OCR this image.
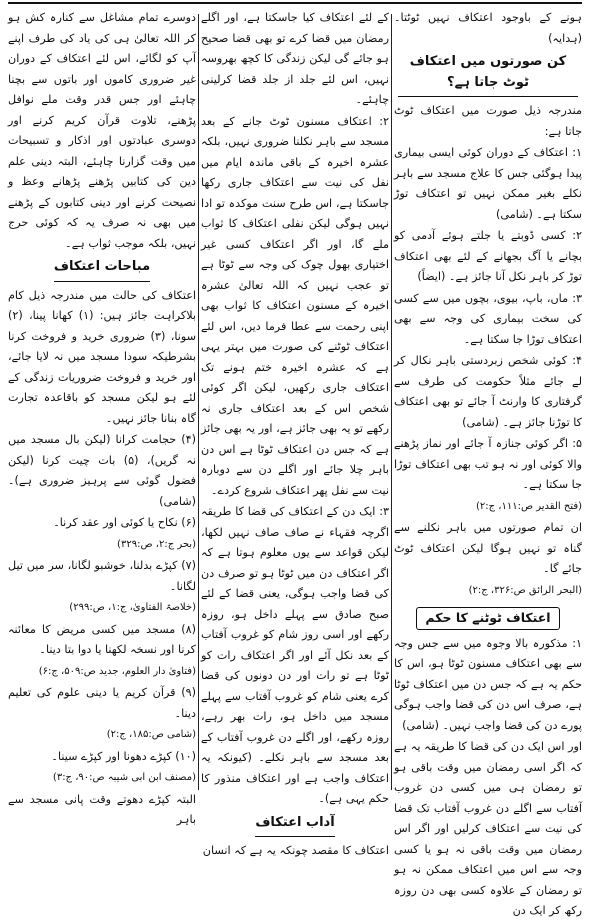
ہونے کے باوجود اعتکاف نہیں ٹوٹتا۔ (ہدایہ)

کن صورتوں میں اعتکاف ٹوٹ جاتا ہے؟

مندرجہ ذیل صورت میں اعتکاف ٹوٹ جاتا ہے:

۱: اعتکاف کے دوران کوئی ایسی بیماری پیدا ہوگئی جس کا علاج مسجد سے باہر نکلے بغیر ممکن نہیں تو اعتکاف توڑ سکتا ہے۔ (شامی)

۲: کسی ڈوبتے یا جلتے ہوئے آدمی کو بچانے یا آگ بجھانے کے لئے بھی اعتکاف توڑ کر باہر نکل آنا جائز ہے۔ (ایضاً)

۳: ماں، باپ، بیوی، بچوں میں سے کسی کی سخت بیماری کی وجہ سے بھی اعتکاف توڑا جا سکتا ہے۔

۴: کوئی شخص زبردستی باہر نکال کر لے جائے مثلاً حکومت کی طرف سے گرفتاری کا وارنٹ آ جائے تو بھی اعتکاف کا توڑنا جائز ہے۔ (شامی)

۵: اگر کوئی جنازہ آ جائے اور نماز پڑھنے والا کوئی اور نہ ہو تب بھی اعتکاف توڑا جا سکتا ہے۔

(فتح القدیر ص:۱۱۱، ج:۲)

ان تمام صورتوں میں باہر نکلنے سے گناہ تو نہیں ہوگا لیکن اعتکاف ٹوٹ جائے گا۔

(البحر الرائق ص:۳۲۶، ج:۲)

اعتکاف ٹوٹنے کا حکم

۱: مذکورہ بالا وجوہ میں سے جس وجہ سے بھی اعتکاف مسنون ٹوٹا ہو، اس کا حکم یہ ہے کہ جس دن میں اعتکاف ٹوٹا ہے، صرف اس دن کی قضا واجب ہوگی پورے دن کی قضا واجب نہیں۔ (شامی)

اور اس ایک دن کی قضا کا طریقہ یہ ہے کہ اگر اسی رمضان میں وقت باقی ہو تو رمضان ہی میں کسی دن غروب آفتاب سے اگلے دن غروب آفتاب تک قضا کی نیت سے اعتکاف کرلیں اور اگر اس رمضان میں وقت باقی نہ ہو یا کسی وجہ سے اس میں اعتکاف ممکن نہ ہو تو رمضان کے علاوہ کسی بھی دن روزہ رکھ کر ایک دن

کے لئے اعتکاف کیا جاسکتا ہے، اور اگلے رمضان میں قضا کرے تو بھی قضا صحیح ہو جائے گی لیکن زندگی کا کچھ بھروسہ نہیں، اس لئے جلد از جلد قضا کرلینی چاہئے۔

۲: اعتکاف مسنون ٹوٹ جانے کے بعد مسجد سے باہر نکلنا ضروری نہیں، بلکہ عشرہ اخیرہ کے باقی ماندہ ایام میں نفل کی نیت سے اعتکاف جاری رکھا جاسکتا ہے، اس طرح سنت موکدہ تو ادا نہیں ہوگی لیکن نفلی اعتکاف کا ثواب ملے گا، اور اگر اعتکاف کسی غیر اختیاری بھول چوک کی وجہ سے ٹوٹا ہے تو عجب نہیں کہ اللہ تعالیٰ عشرہ اخیرہ کے مسنون اعتکاف کا ثواب بھی اپنی رحمت سے عطا فرما دیں، اس لئے اعتکاف ٹوٹنے کی صورت میں بہتر یہی ہے کہ عشرہ اخیرہ ختم ہونے تک اعتکاف جاری رکھیں، لیکن اگر کوئی شخص اس کے بعد اعتکاف جاری نہ رکھے تو یہ بھی جائز ہے، اور یہ بھی جائز ہے کہ جس دن اعتکاف ٹوٹا ہے اس دن باہر چلا جائے اور اگلے دن سے دوبارہ نیت سے نفل پھر اعتکاف شروع کردے۔

۳: ایک دن کے اعتکاف کی قضا کا طریقہ اگرچہ فقہاء نے صاف صاف نہیں لکھا، لیکن قواعد سے یوں معلوم ہوتا ہے کہ اگر اعتکاف دن میں ٹوٹا ہو تو صرف دن کی قضا واجب ہوگی، یعنی قضا کے لئے صبح صادق سے پہلے داخل ہو، روزہ رکھے اور اسی روز شام کو غروب آفتاب کے بعد نکل آئے اور اگر اعتکاف رات کو ٹوٹا ہے تو رات اور دن دونوں کی قضا کرے یعنی شام کو غروب آفتاب سے پہلے مسجد میں داخل ہو، رات بھر رہے، روزہ رکھے، اور اگلے دن غروب آفتاب کے بعد مسجد سے باہر نکلے۔ (کیونکہ یہ اعتکاف واجب ہے اور اعتکاف منذور کا حکم یہی ہے)۔

آداب اعتکاف

اعتکاف کا مقصد چونکہ یہ ہے کہ انسان

دوسرے تمام مشاغل سے کنارہ کش ہو کر اللہ تعالیٰ ہی کی یاد کی طرف اپنے آپ کو لگائے، اس لئے اعتکاف کے دوران غیر ضروری کاموں اور باتوں سے بچنا چاہئے اور جس قدر وقت ملے نوافل پڑھنے، تلاوت قرآن کریم کرنے اور دوسری عبادتوں اور اذکار و تسبیحات میں وقت گزارنا چاہئے، البتہ دینی علم دین کی کتابیں پڑھنے پڑھانے وعظ و نصیحت کرنے اور دینی کتابوں کے پڑھنے میں بھی نہ صرف یہ کہ کوئی حرج نہیں، بلکہ موجب ثواب ہے۔

مباحات اعتکاف

اعتکاف کی حالت میں مندرجہ ذیل کام بلاکراہت جائز ہیں: (۱) کھانا پینا، (۲) سونا، (۳) ضروری خرید و فروخت کرنا بشرطیکہ سودا مسجد میں نہ لایا جائے، اور خرید و فروخت ضروریات زندگی کے لئے ہو لیکن مسجد کو باقاعدہ تجارت گاہ بنانا جائز نہیں۔

(۴) حجامت کرانا (لیکن بال مسجد میں نہ گریں)، (۵) بات چیت کرنا (لیکن فضول گوئی سے پرہیز ضروری ہے)۔ (شامی)

(۶) نکاح یا کوئی اور عقد کرنا۔

(بحر ج:۲، ص:۳۲۹)

(۷) کپڑے بدلنا، خوشبو لگانا، سر میں تیل لگانا۔

(خلاصۃ الفتاویٰ، ج:۱، ص:۲۹۹)

(۸) مسجد میں کسی مریض کا معائنہ کرنا اور نسخہ لکھنا یا دوا بتا دینا۔

(فتاویٰ دار العلوم، جدید ص:۵۰۹، ج:۶)

(۹) قرآن کریم یا دینی علوم کی تعلیم دینا۔

(شامی ص:۱۸۵، ج:۲)

(۱۰) کپڑے دھونا اور کپڑے سینا۔

(مصنف ابن ابی شیبہ ص:۹۰، ج:۳)

البتہ کپڑے دھوتے وقت پانی مسجد سے باہر
